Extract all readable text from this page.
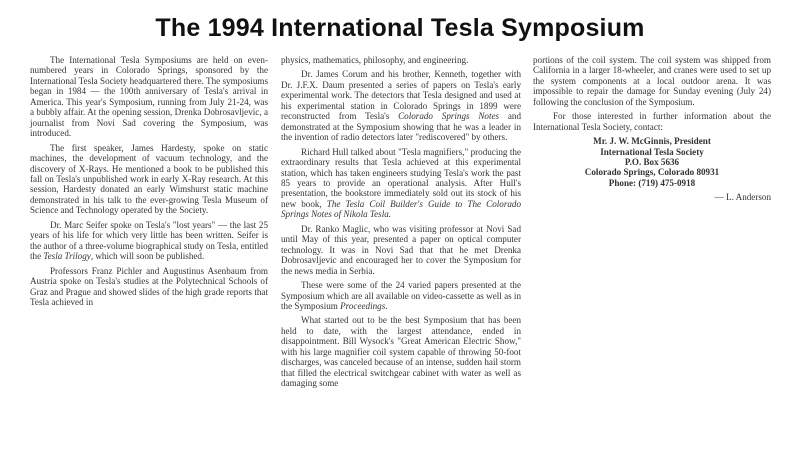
The 1994 International Tesla Symposium

The International Tesla Symposiums are held on even-numbered years in Colorado Springs, sponsored by the International Tesla Society headquartered there. The symposiums began in 1984 — the 100th anniversary of Tesla's arrival in America. This year's Symposium, running from July 21-24, was a bubbly affair. At the opening session, Drenka Dobrosavljevic, a journalist from Novi Sad covering the Symposium, was introduced.

The first speaker, James Hardesty, spoke on static machines, the development of vacuum technology, and the discovery of X-Rays. He mentioned a book to be published this fall on Tesla's unpublished work in early X-Ray research. At this session, Hardesty donated an early Wimshurst static machine demonstrated in his talk to the ever-growing Tesla Museum of Science and Technology operated by the Society.

Dr. Marc Seifer spoke on Tesla's "lost years" — the last 25 years of his life for which very little has been written. Seifer is the author of a three-volume biographical study on Tesla, entitled the Tesla Trilogy, which will soon be published.

Professors Franz Pichler and Augustinus Asenbaum from Austria spoke on Tesla's studies at the Polytechnical Schools of Graz and Prague and showed slides of the high grade reports that Tesla achieved in

physics, mathematics, philosophy, and engineering.

Dr. James Corum and his brother, Kenneth, together with Dr. J.F.X. Daum presented a series of papers on Tesla's early experimental work. The detectors that Tesla designed and used at his experimental station in Colorado Springs in 1899 were reconstructed from Tesla's Colorado Springs Notes and demonstrated at the Symposium showing that he was a leader in the invention of radio detectors later "rediscovered" by others.

Richard Hull talked about "Tesla magnifiers," producing the extraordinary results that Tesla achieved at this experimental station, which has taken engineers studying Tesla's work the past 85 years to provide an operational analysis. After Hull's presentation, the bookstore immediately sold out its stock of his new book, The Tesla Coil Builder's Guide to The Colorado Springs Notes of Nikola Tesla.

Dr. Ranko Maglic, who was visiting professor at Novi Sad until May of this year, presented a paper on optical computer technology. It was in Novi Sad that that he met Drenka Dobrosavljevic and encouraged her to cover the Symposium for the news media in Serbia.

These were some of the 24 varied papers presented at the Symposium which are all available on video-cassette as well as in the Symposium Proceedings.

What started out to be the best Symposium that has been held to date, with the largest attendance, ended in disappointment. Bill Wysock's "Great American Electric Show," with his large magnifier coil system capable of throwing 50-foot discharges, was canceled because of an intense, sudden hail storm that filled the electrical switchgear cabinet with water as well as damaging some

portions of the coil system. The coil system was shipped from California in a larger 18-wheeler, and cranes were used to set up the system components at a local outdoor arena. It was impossible to repair the damage for Sunday evening (July 24) following the conclusion of the Symposium.

For those interested in further information about the International Tesla Society, contact:

Mr. J. W. McGinnis, President
International Tesla Society
P.O. Box 5636
Colorado Springs, Colorado 80931
Phone: (719) 475-0918
— L. Anderson
